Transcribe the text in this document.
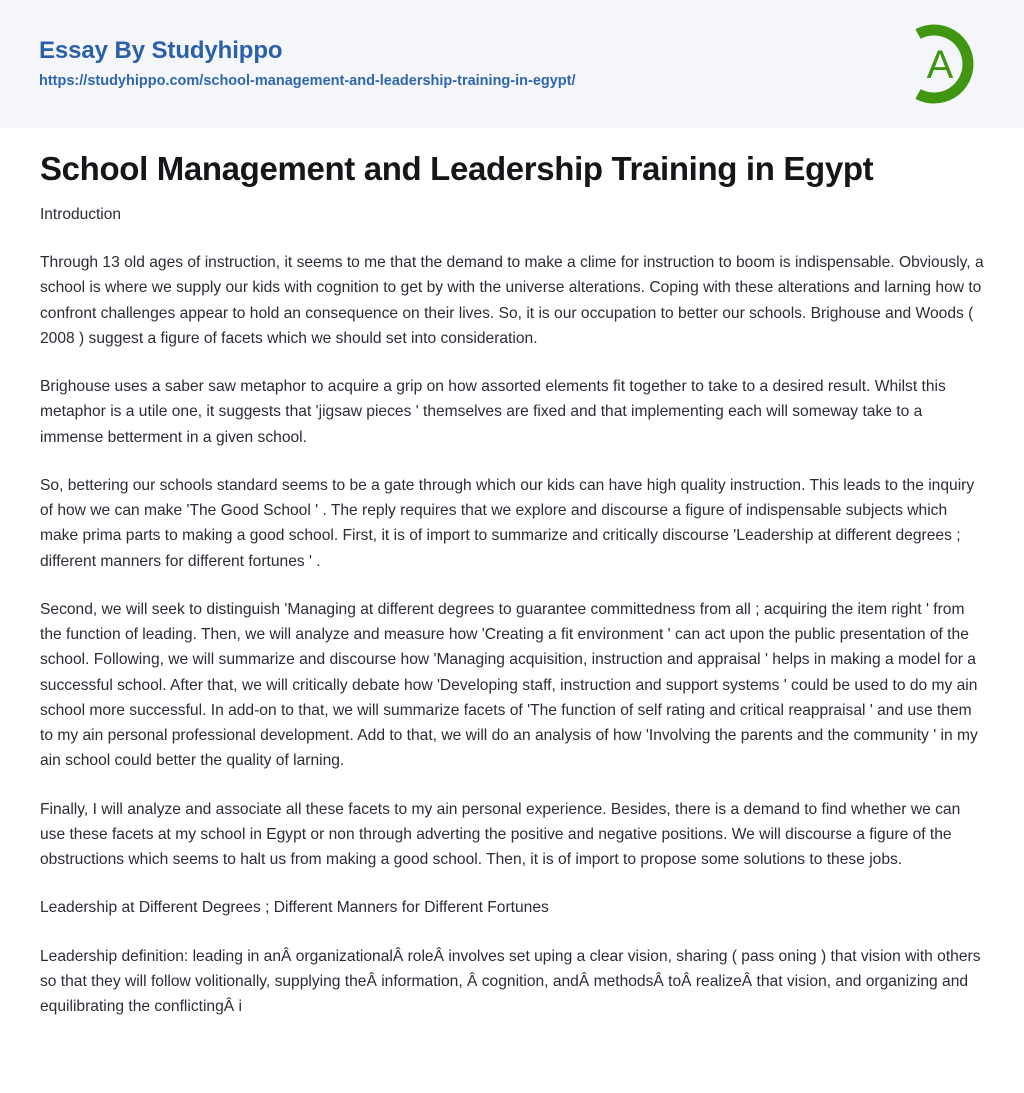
Essay By Studyhippo
https://studyhippo.com/school-management-and-leadership-training-in-egypt/	A
School Management and Leadership Training in Egypt
Introduction

Through 13 old ages of instruction, it seems to me that the demand to make a clime for instruction to boom is indispensable. Obviously, a school is where we supply our kids with cognition to get by with the universe alterations. Coping with these alterations and larning how to confront challenges appear to hold an consequence on their lives. So, it is our occupation to better our schools. Brighouse and Woods ( 2008 ) suggest a figure of facets which we should set into consideration.

Brighouse uses a saber saw metaphor to acquire a grip on how assorted elements fit together to take to a desired result. Whilst this metaphor is a utile one, it suggests that 'jigsaw pieces ' themselves are fixed and that implementing each will someway take to a immense betterment in a given school.

So, bettering our schools standard seems to be a gate through which our kids can have high quality instruction. This leads to the inquiry of how we can make 'The Good School ' . The reply requires that we explore and discourse a figure of indispensable subjects which make prima parts to making a good school. First, it is of import to summarize and critically discourse 'Leadership at different degrees ; different manners for different fortunes ' .

Second, we will seek to distinguish 'Managing at different degrees to guarantee committedness from all ; acquiring the item right ' from the function of leading. Then, we will analyze and measure how 'Creating a fit environment ' can act upon the public presentation of the school. Following, we will summarize and discourse how 'Managing acquisition, instruction and appraisal ' helps in making a model for a successful school. After that, we will critically debate how 'Developing staff, instruction and support systems ' could be used to do my ain school more successful. In add-on to that, we will summarize facets of 'The function of self rating and critical reappraisal ' and use them to my ain personal professional development. Add to that, we will do an analysis of how 'Involving the parents and the community ' in my ain school could better the quality of larning.

Finally, I will analyze and associate all these facets to my ain personal experience. Besides, there is a demand to find whether we can use these facets at my school in Egypt or non through adverting the positive and negative positions. We will discourse a figure of the obstructions which seems to halt us from making a good school. Then, it is of import to propose some solutions to these jobs.

Leadership at Different Degrees ; Different Manners for Different Fortunes

Leadership definition: leading in anÂ organizationalÂ roleÂ involves set uping a clear vision, sharing ( pass oning ) that vision with others so that they will follow volitionally, supplying theÂ information, Â cognition, andÂ methodsÂ toÂ realizeÂ that vision, and organizing and equilibrating the conflictingÂ i
